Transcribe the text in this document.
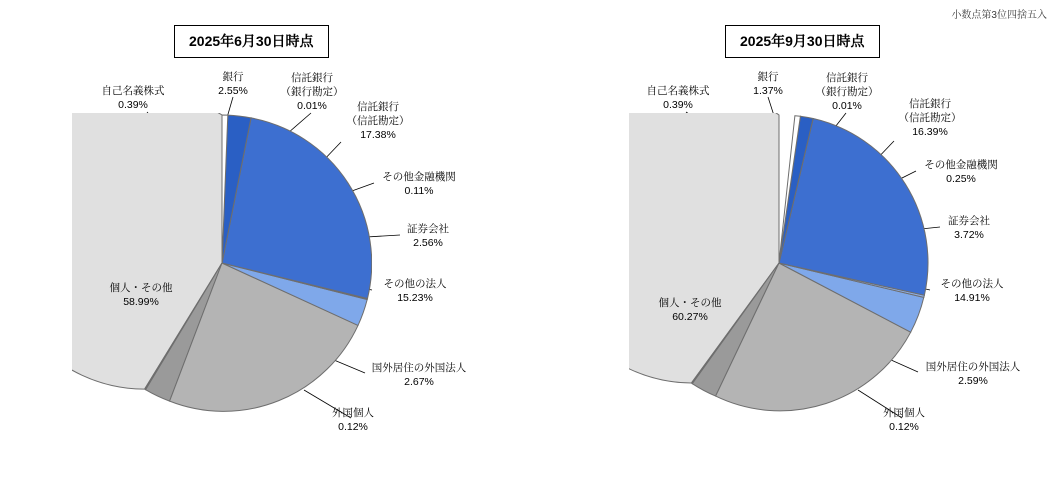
小数点第3位四捨五入
2025年6月30日時点
自己名義株式
0.39%
銀行
2.55%
信託銀行
（銀行勘定）
0.01%	信託銀行
（信託勘定）
17.38%
その他金融機関
0.11%
証券会社
2.56%
その他の法人
15.23%
国外居住の外国法人
2.67%
外国個人
0.12%
個人・その他
58.99%
2025年9月30日時点
自己名義株式
0.39%
銀行
1.37%
信託銀行
（銀行勘定）
0.01%	信託銀行
（信託勘定）
16.39%
その他金融機関
0.25%
証券会社
3.72%
その他の法人
14.91%
国外居住の外国法人
2.59%
外国個人
0.12%
個人・その他
60.27%
